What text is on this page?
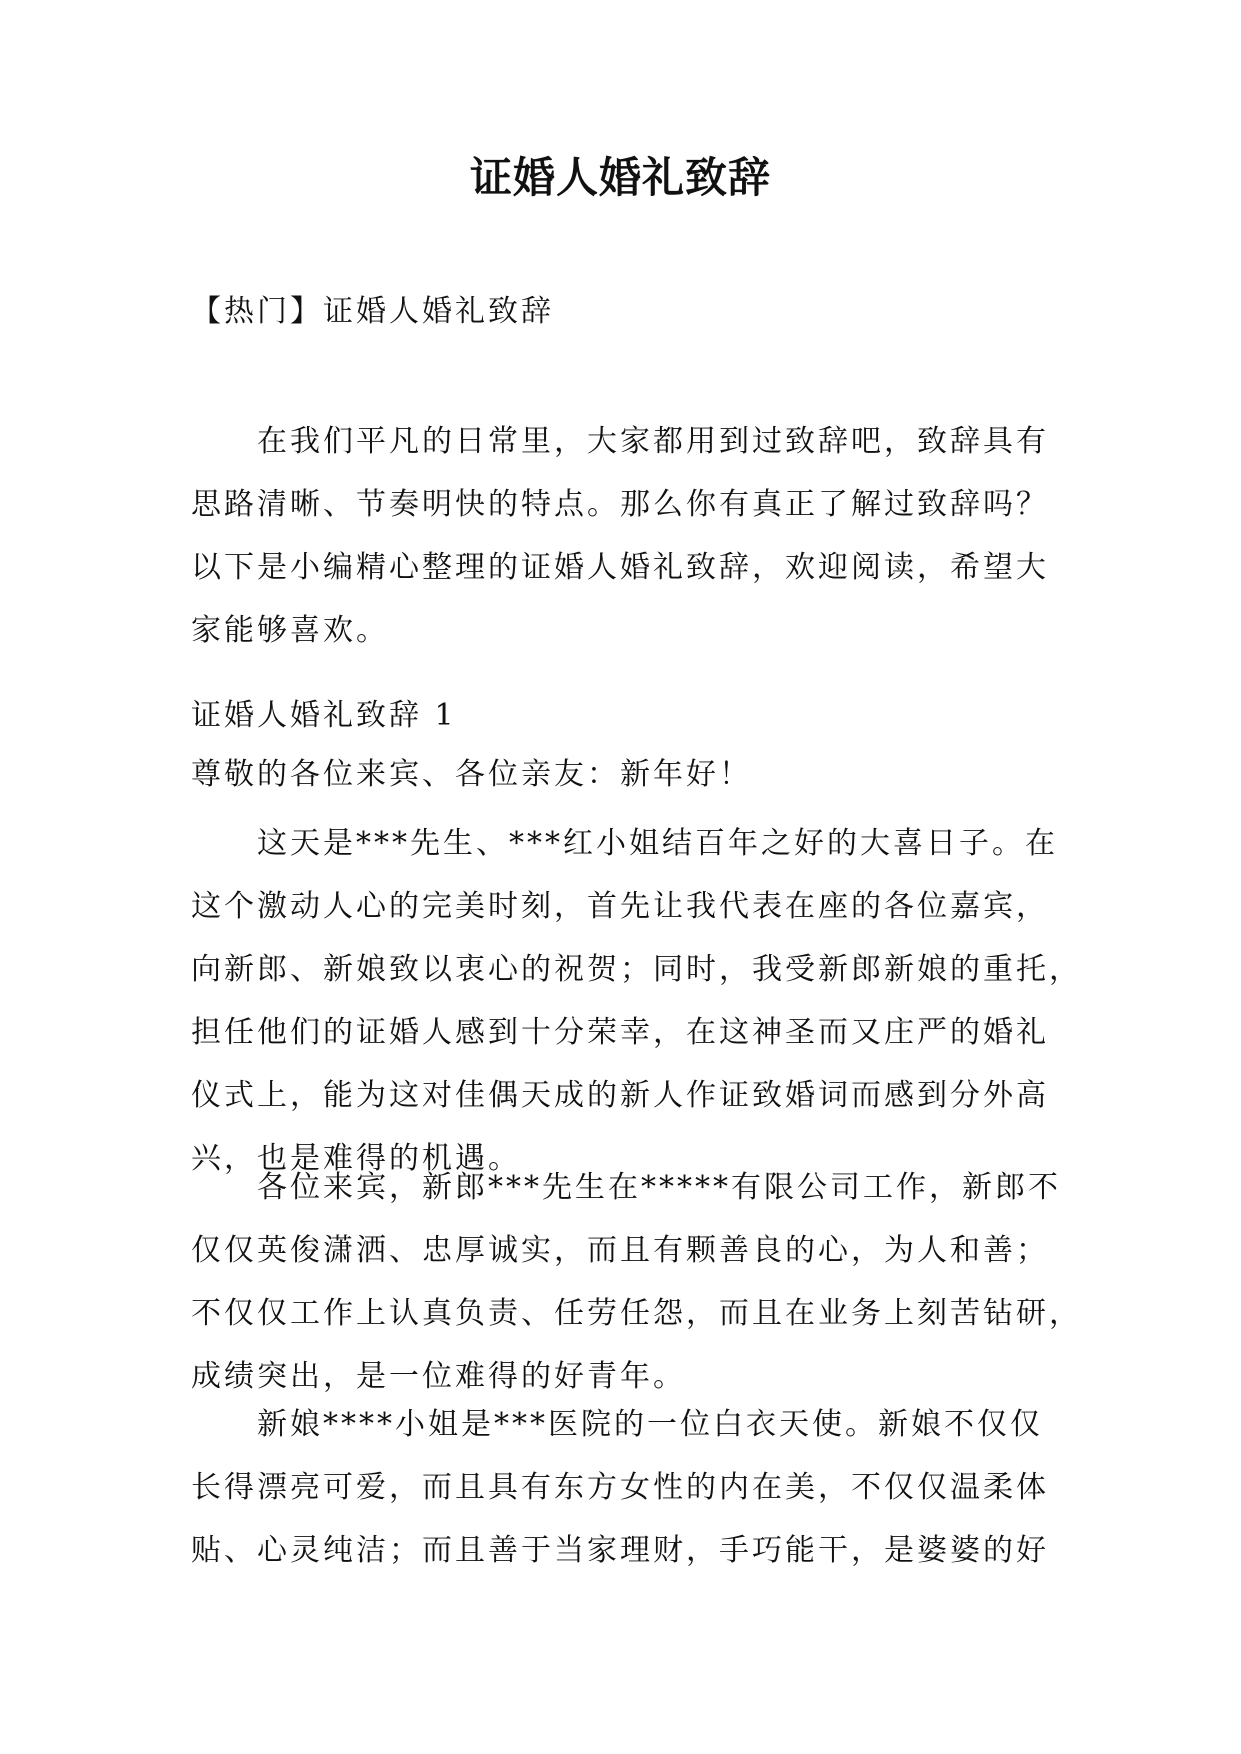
证婚人婚礼致辞
【热门】证婚人婚礼致辞
　　在我们平凡的日常里，大家都用到过致辞吧，致辞具有
思路清晰、节奏明快的特点。那么你有真正了解过致辞吗？
以下是小编精心整理的证婚人婚礼致辞，欢迎阅读，希望大
家能够喜欢。
证婚人婚礼致辞 1
尊敬的各位来宾、各位亲友：新年好！
　　这天是***先生、***红小姐结百年之好的大喜日子。在
这个激动人心的完美时刻，首先让我代表在座的各位嘉宾，
向新郎、新娘致以衷心的祝贺；同时，我受新郎新娘的重托，
担任他们的证婚人感到十分荣幸，在这神圣而又庄严的婚礼
仪式上，能为这对佳偶天成的新人作证致婚词而感到分外高
兴，也是难得的机遇。
　　各位来宾，新郎***先生在*****有限公司工作，新郎不
仅仅英俊潇洒、忠厚诚实，而且有颗善良的心，为人和善；
不仅仅工作上认真负责、任劳任怨，而且在业务上刻苦钻研，
成绩突出，是一位难得的好青年。
　　新娘****小姐是***医院的一位白衣天使。新娘不仅仅
长得漂亮可爱，而且具有东方女性的内在美，不仅仅温柔体
贴、心灵纯洁；而且善于当家理财，手巧能干，是婆婆的好
